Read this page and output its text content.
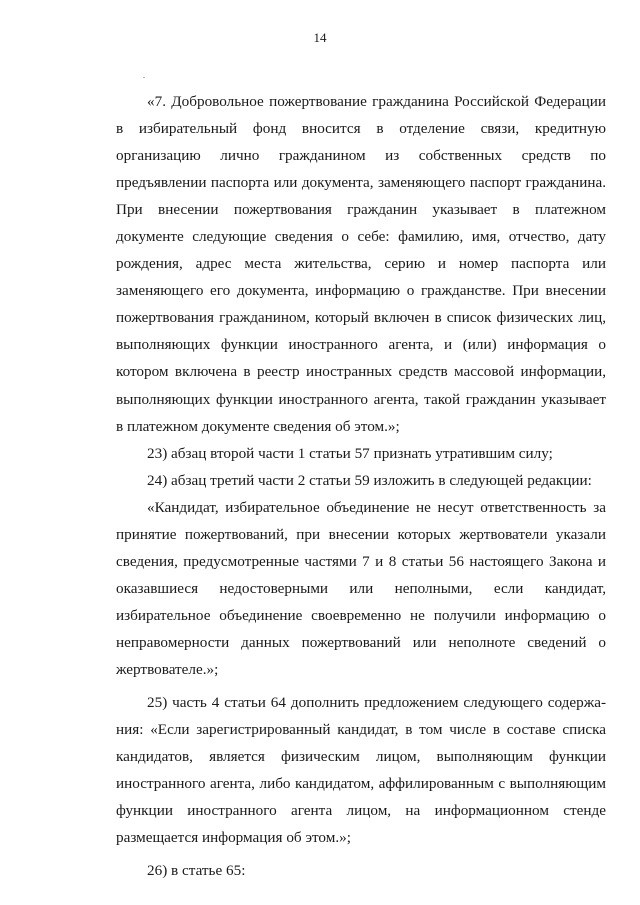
14

«7. Добровольное пожертвование гражданина Российской Федерации в избирательный фонд вносится в отделение связи, кредитную организацию лично гражданином из собственных средств по предъявлении паспорта или документа, заменяющего паспорт гражданина. При внесении пожертвования гражданин указывает в платежном документе следующие сведения о себе: фамилию, имя, отчество, дату рождения, адрес места жительства, серию и номер паспорта или заменяющего его документа, информацию о гражданстве. При внесении пожертвования гражданином, который включен в список физических лиц, выполняющих функции иностранного агента, и (или) информация о котором включена в реестр иностранных средств массовой информации, выполняющих функции иностранного агента, такой гражданин указывает в платежном документе сведения об этом.»;

23) абзац второй части 1 статьи 57 признать утратившим силу;

24) абзац третий части 2 статьи 59 изложить в следующей редакции:

«Кандидат, избирательное объединение не несут ответственность за принятие пожертвований, при внесении которых жертвователи указали сведения, предусмотренные частями 7 и 8 статьи 56 настоящего Закона и оказавшиеся недостоверными или неполными, если кандидат, избирательное объединение своевременно не получили информацию о неправомерности данных пожертвований или неполноте сведений о жертвователе.»;

25) часть 4 статьи 64 дополнить предложением следующего содержания: «Если зарегистрированный кандидат, в том числе в составе списка кандидатов, является физическим лицом, выполняющим функции иностранного агента, либо кандидатом, аффилированным с выполняющим функции иностранного агента лицом, на информационном стенде размещается информация об этом.»;

26) в статье 65:
